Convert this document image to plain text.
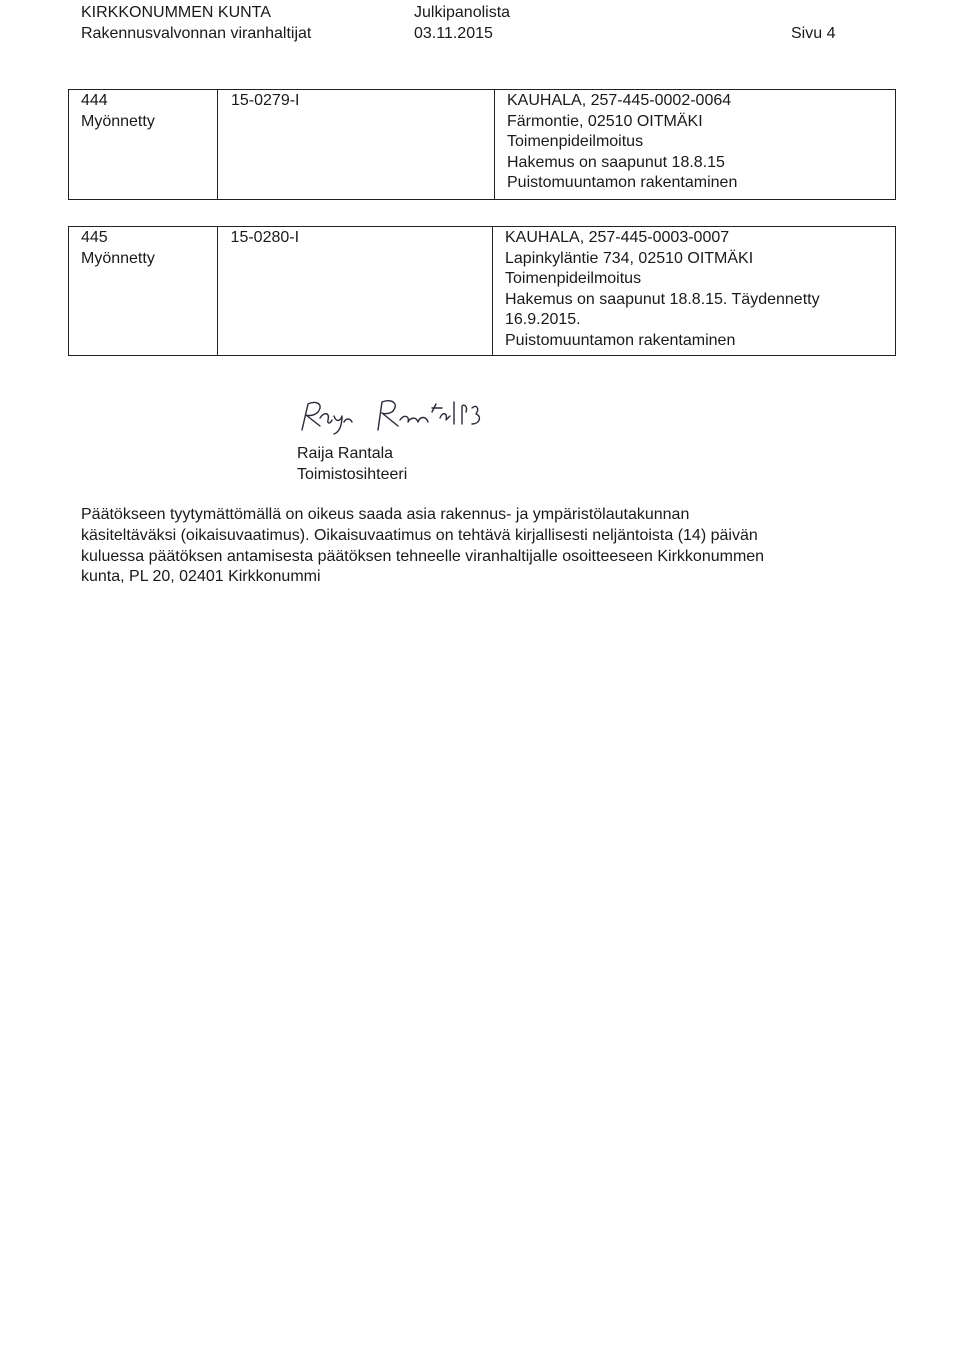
KIRKKONUMMEN KUNTA
Rakennusvalvonnan viranhaltijat
Julkipanolista
03.11.2015	Sivu 4
444
Myönnetty

15-0279-I	KAUHALA, 257-445-0002-0064
Färmontie, 02510 OITMÄKI
Toimenpideilmoitus
Hakemus on saapunut 18.8.15
Puistomuuntamon rakentaminen
445
Myönnetty

15-0280-I	KAUHALA, 257-445-0003-0007
Lapinkyläntie 734, 02510 OITMÄKI
Toimenpideilmoitus
Hakemus on saapunut 18.8.15. Täydennetty 16.9.2015.
Puistomuuntamon rakentaminen
Raija Rantala
Toimistosihteeri
Päätökseen tyytymättömällä on oikeus saada asia rakennus- ja ympäristölautakunnan
käsiteltäväksi (oikaisuvaatimus). Oikaisuvaatimus on tehtävä kirjallisesti neljäntoista (14) päivän
kuluessa päätöksen antamisesta päätöksen tehneelle viranhaltijalle osoitteeseen Kirkkonummen
kunta, PL 20, 02401 Kirkkonummi
